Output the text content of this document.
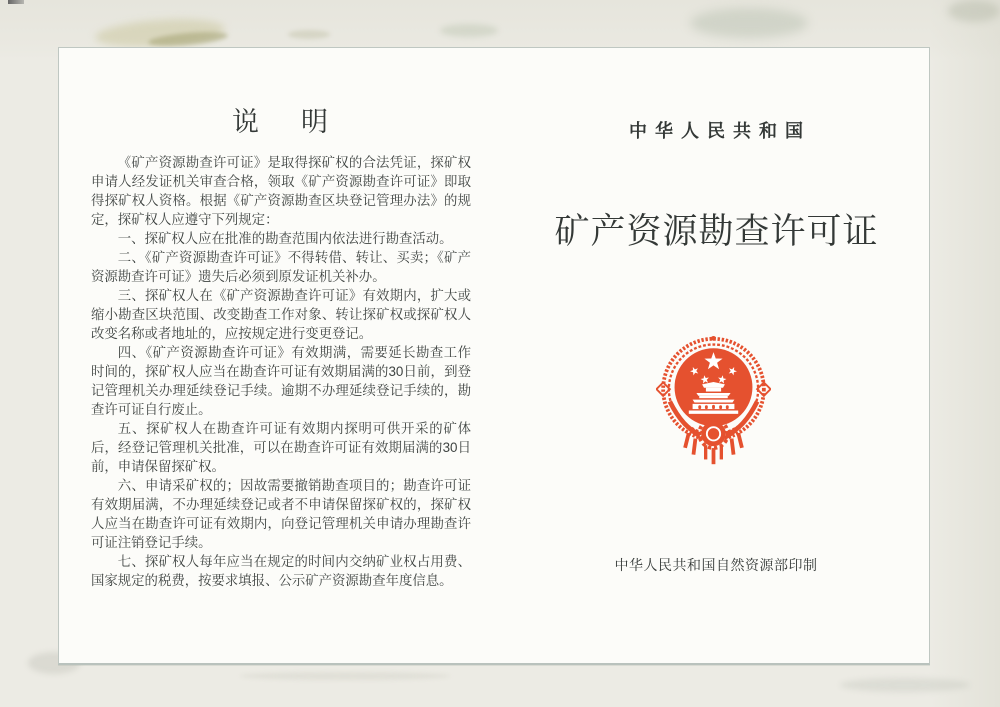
说明

《矿产资源勘查许可证》是取得探矿权的合法凭证，探矿权申请人经发证机关审查合格，领取《矿产资源勘查许可证》即取得探矿权人资格。根据《矿产资源勘查区块登记管理办法》的规定，探矿权人应遵守下列规定：

一、探矿权人应在批准的勘查范围内依法进行勘查活动。

二、《矿产资源勘查许可证》不得转借、转让、买卖；《矿产资源勘查许可证》遗失后必须到原发证机关补办。

三、探矿权人在《矿产资源勘查许可证》有效期内，扩大或缩小勘查区块范围、改变勘查工作对象、转让探矿权或探矿权人改变名称或者地址的，应按规定进行变更登记。

四、《矿产资源勘查许可证》有效期满，需要延长勘查工作时间的，探矿权人应当在勘查许可证有效期届满的30日前，到登记管理机关办理延续登记手续。逾期不办理延续登记手续的，勘查许可证自行废止。

五、探矿权人在勘查许可证有效期内探明可供开采的矿体后，经登记管理机关批准，可以在勘查许可证有效期届满的30日前，申请保留探矿权。

六、申请采矿权的；因故需要撤销勘查项目的；勘查许可证有效期届满，不办理延续登记或者不申请保留探矿权的，探矿权人应当在勘查许可证有效期内，向登记管理机关申请办理勘查许可证注销登记手续。

七、探矿权人每年应当在规定的时间内交纳矿业权占用费、国家规定的税费，按要求填报、公示矿产资源勘查年度信息。

中华人民共和国
矿产资源勘查许可证
中华人民共和国自然资源部印制
